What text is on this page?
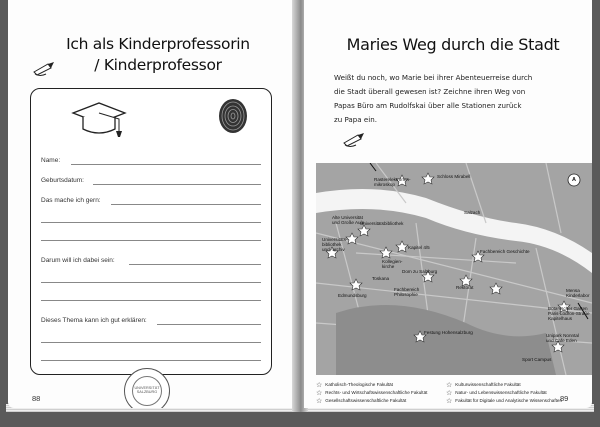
Ich als Kinderprofessorin
/ Kinderprofessor
Name:
Geburtsdatum:
Das mache ich gern:
Darum will ich dabei sein:
Dieses Thema kann ich gut erklären:
UNIVERSITÄT SALZBURG
88
Maries Weg durch die Stadt
Weißt du noch, wo Marie bei ihrer Abenteuerreise durch
die Stadt überall gewesen ist? Zeichne ihren Weg von
Papas Büro am Rudolfskai über alle Stationen zurück
zu Papa ein.
Rasterelektronen-
mikroskop
Schloss Mirabell
Salzach
Alte Universität
und Große Aula
Universitätsbibliothek
Universitäts-
bibliothek
und -archiv	Kapitel 4/5
Kollegien-
kirche
Toskana
Dom zu Salzburg
Fachbereich Geschichte
Fachbereich
Philosophie
Edmundsburg
Rektorat
Mensa
Kinderlabor
Botanischer Garten
Paris-Lodron-Straße
Kapitelhaus
Unipark Nonntal
und Cafe Eden
Festung Hohensalzburg
Sport Campus
A
☆ Katholisch-Theologische Fakultät
☆ Rechts- und Wirtschaftswissenschaftliche Fakultät
☆ Gesellschaftswissenschaftliche Fakultät
☆ Kulturwissenschaftliche Fakultät
☆ Natur- und Lebenswissenschaftliche Fakultät
☆ Fakultät für Digitale und Analytische Wissenschaften
89
